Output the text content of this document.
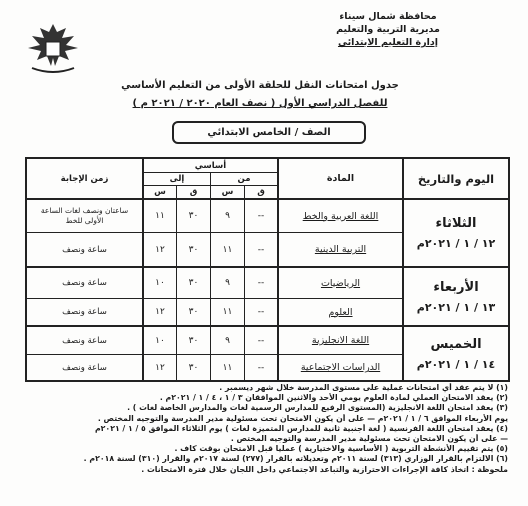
محافظة شمال سيناء
مديرية التربية والتعليم
إدارة التعليم الابتدائي
جدول امتحانات النقل للحلقة الأولى من التعليم الأساسي
للفصل الدراسي الأول ( نصف العام ٢٠٢٠ / ٢٠٢١ م )
الصف / الخامس الابتدائي
اليوم والتاريخ
المادة
أساسي
من
إلى
ق
س
ق
س
زمن الإجابة
الثلاثاء
١٢ / ١ / ٢٠٢١م
اللغة العربية والخط
--
٩
٣٠
١١
ساعتان ونصف لغات الساعة الأولى للخط
التربية الدينية
--
١١
٣٠
١٢
ساعة ونصف
الأربعاء
١٣ / ١ / ٢٠٢١م
الرياضيات
--
٩
٣٠
١٠
ساعة ونصف
العلوم
--
١١
٣٠
١٢
ساعة ونصف
الخميس
١٤ / ١ / ٢٠٢١م
اللغة الانجليزية
--
٩
٣٠
١٠
ساعة ونصف
الدراسات الاجتماعية
--
١١
٣٠
١٢
ساعة ونصف
(١) لا يتم عقد أي امتحانات عملية على مستوى المدرسة خلال شهر ديسمبر .
(٢) يعقد الامتحان العملي لمادة العلوم يومي الأحد والاثنين الموافقان ٣ / ١ ، ٤ / ١ / ٢٠٢١م .
(٣) يعقد امتحان اللغة الانجليزية (المستوى الرفيع للمدارس الرسمية لغات والمدارس الخاصة لغات ) .
يوم الأربعاء الموافق ٦ / ١ / ٢٠٢١م — على أن يكون الامتحان تحت مسئولية مدير المدرسة والتوجيه المختص .
(٤) يعقد امتحان اللغة الفرنسية ( لغة أجنبية ثانية للمدارس المتميزة لغات ) يوم الثلاثاء الموافق ٥ / ١ / ٢٠٢١م
— على أن يكون الامتحان تحت مسئولية مدير المدرسة والتوجيه المختص .
(٥) يتم تقييم الأنشطة التربوية ( الأساسية والاختيارية ) عمليا قبل الامتحان بوقت كاف .
(٦) الالتزام بالقرار الوزاري (٣١٣) لسنة ٢٠١١م وتعديلاته بالقرار (٢٧٧) لسنة ٢٠١٧م والقرار (٣١٠) لسنة ٢٠١٨م .
ملحوظة : اتخاذ كافة الإجراءات الاحترازية والتباعد الاجتماعي داخل اللجان خلال فترة الامتحانات .
